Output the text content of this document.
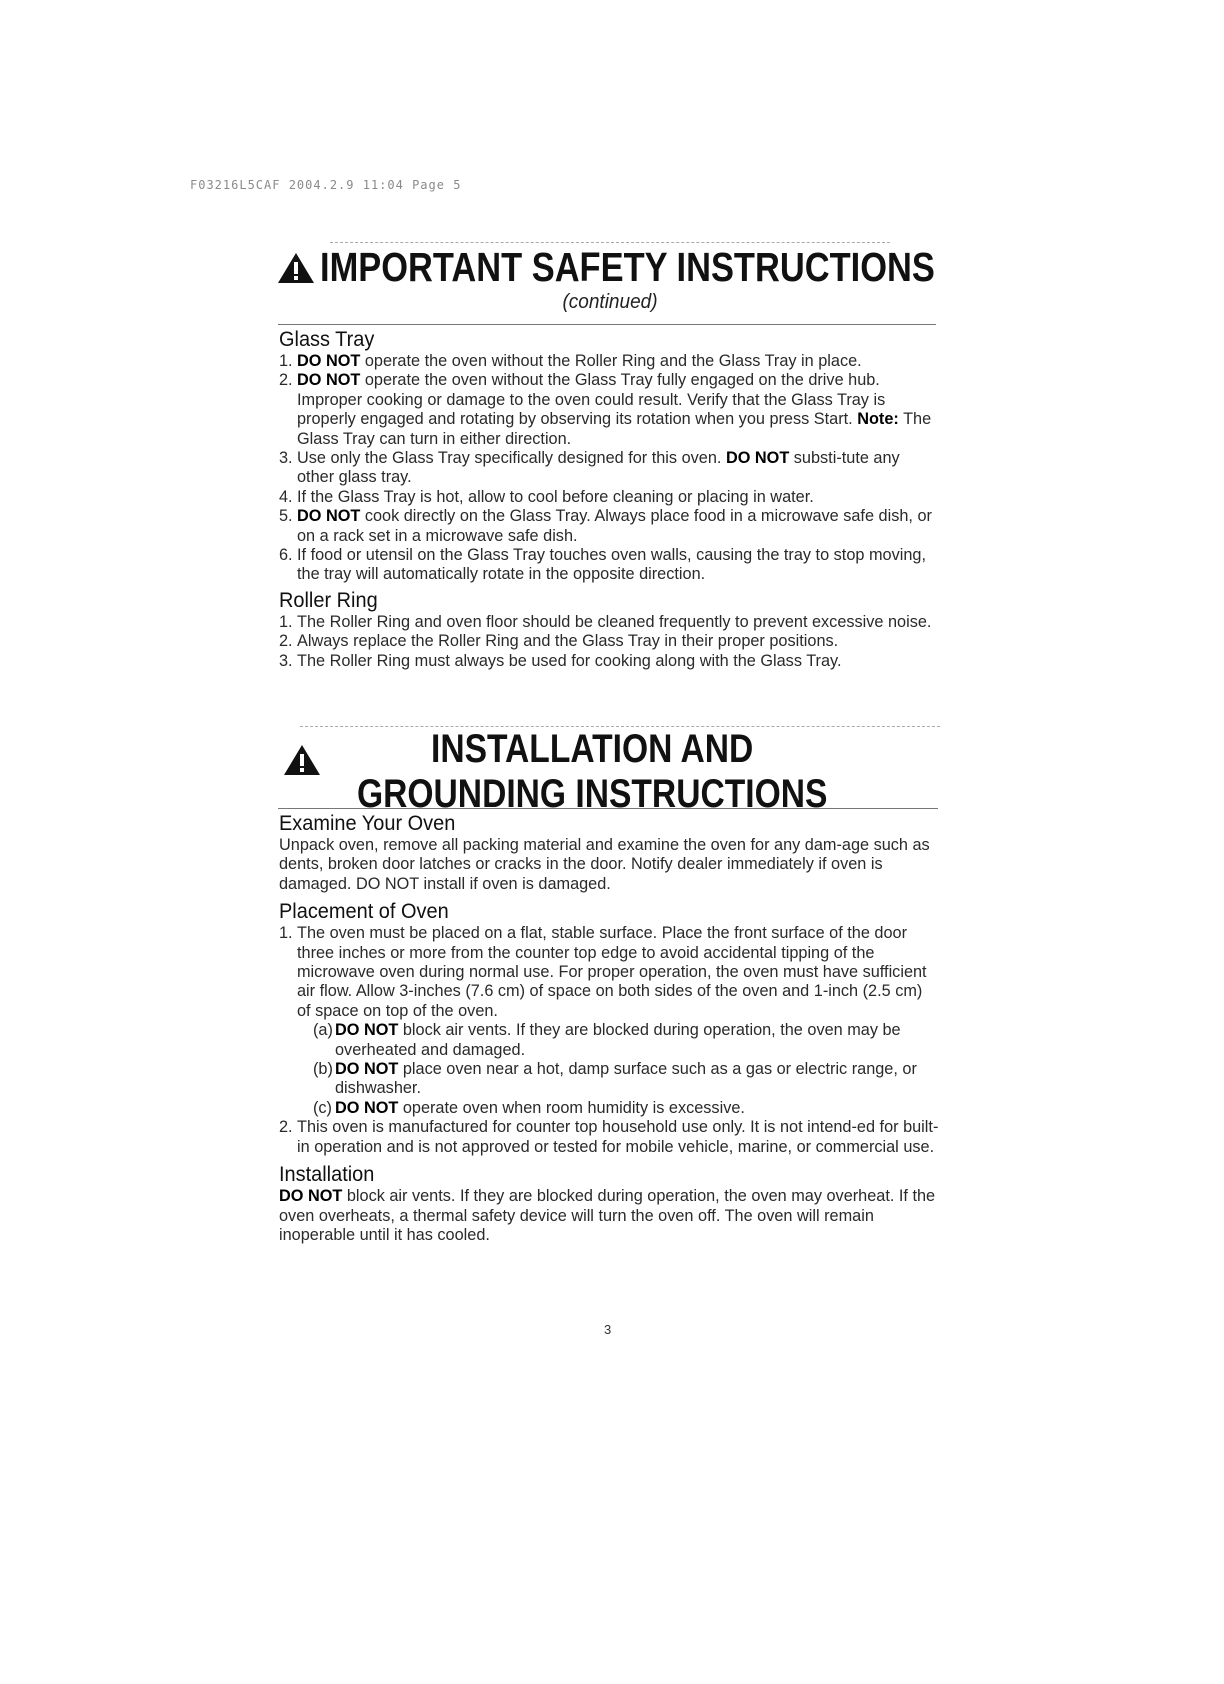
F03216L5CAF 2004.2.9 11:04 Page 5
IMPORTANT SAFETY INSTRUCTIONS
(continued)
Glass Tray
1. DO NOT operate the oven without the Roller Ring and the Glass Tray in place.
2. DO NOT operate the oven without the Glass Tray fully engaged on the drive hub. Improper cooking or damage to the oven could result. Verify that the Glass Tray is properly engaged and rotating by observing its rotation when you press Start. Note: The Glass Tray can turn in either direction.
3. Use only the Glass Tray specifically designed for this oven. DO NOT substi-tute any other glass tray.
4. If the Glass Tray is hot, allow to cool before cleaning or placing in water.
5. DO NOT cook directly on the Glass Tray. Always place food in a microwave safe dish, or on a rack set in a microwave safe dish.
6. If food or utensil on the Glass Tray touches oven walls, causing the tray to stop moving, the tray will automatically rotate in the opposite direction.
Roller Ring
1. The Roller Ring and oven floor should be cleaned frequently to prevent excessive noise.
2. Always replace the Roller Ring and the Glass Tray in their proper positions.
3. The Roller Ring must always be used for cooking along with the Glass Tray.
INSTALLATION AND
GROUNDING INSTRUCTIONS
Examine Your Oven

Unpack oven, remove all packing material and examine the oven for any dam-age such as dents, broken door latches or cracks in the door. Notify dealer immediately if oven is damaged. DO NOT install if oven is damaged.

Placement of Oven
1. The oven must be placed on a flat, stable surface. Place the front surface of the door three inches or more from the counter top edge to avoid accidental tipping of the microwave oven during normal use. For proper operation, the oven must have sufficient air flow. Allow 3-inches (7.6 cm) of space on both sides of the oven and 1-inch (2.5 cm) of space on top of the oven.
(a) DO NOT block air vents. If they are blocked during operation, the oven may be overheated and damaged.
(b) DO NOT place oven near a hot, damp surface such as a gas or electric range, or dishwasher.
(c) DO NOT operate oven when room humidity is excessive.
2. This oven is manufactured for counter top household use only. It is not intend-ed for built-in operation and is not approved or tested for mobile vehicle, marine, or commercial use.
Installation

DO NOT block air vents. If they are blocked during operation, the oven may overheat. If the oven overheats, a thermal safety device will turn the oven off. The oven will remain inoperable until it has cooled.

3
